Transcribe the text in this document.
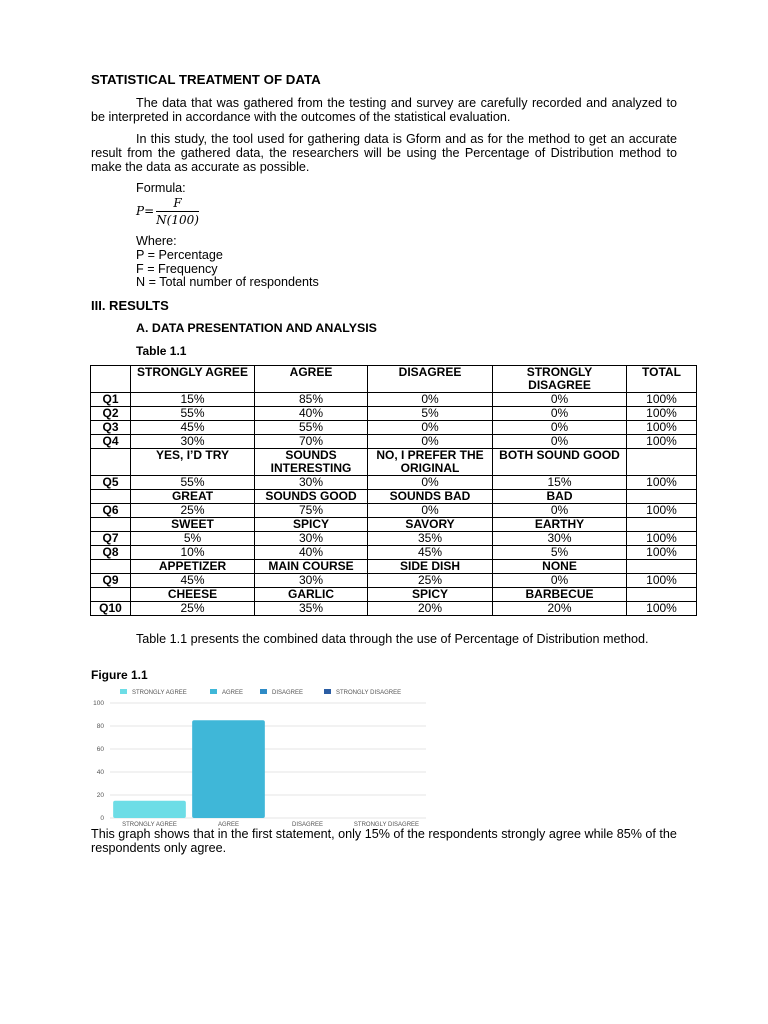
STATISTICAL TREATMENT OF DATA
The data that was gathered from the testing and survey are carefully recorded and analyzed to be interpreted in accordance with the outcomes of the statistical evaluation.
In this study, the tool used for gathering data is Gform and as for the method to get an accurate result from the gathered data, the researchers will be using the Percentage of Distribution method to make the data as accurate as possible.
Formula:
$P= \frac{F}{N(100)}$
Where:
P = Percentage
F = Frequency
N = Total number of respondents
III. RESULTS
A. DATA PRESENTATION AND ANALYSIS
Table 1.1
	STRONGLY AGREE	AGREE	DISAGREE	STRONGLY DISAGREE	TOTAL
Q1	15%	85%	0%	0%	100%
Q2	55%	40%	5%	0%	100%
Q3	45%	55%	0%	0%	100%
Q4	30%	70%	0%	0%	100%
	YES, I’D TRY	SOUNDS INTERESTING	NO, I PREFER THE ORIGINAL	BOTH SOUND GOOD	
Q5	55%	30%	0%	15%	100%
	GREAT	SOUNDS GOOD	SOUNDS BAD	BAD	
Q6	25%	75%	0%	0%	100%
	SWEET	SPICY	SAVORY	EARTHY	
Q7	5%	30%	35%	30%	100%
Q8	10%	40%	45%	5%	100%
	APPETIZER	MAIN COURSE	SIDE DISH	NONE	
Q9	45%	30%	25%	0%	100%
	CHEESE	GARLIC	SPICY	BARBECUE	
Q10	25%	35%	20%	20%	100%
Table 1.1 presents the combined data through the use of Percentage of Distribution method.
Figure 1.1
STRONGLY AGREE	AGREE	DISAGREE	STRONGLY DISAGREE
0
20
40
60
80
100
STRONGLY AGREE	AGREE	DISAGREE	STRONGLY DISAGREE
This graph shows that in the first statement, only 15% of the respondents strongly agree while 85% of the respondents only agree.
